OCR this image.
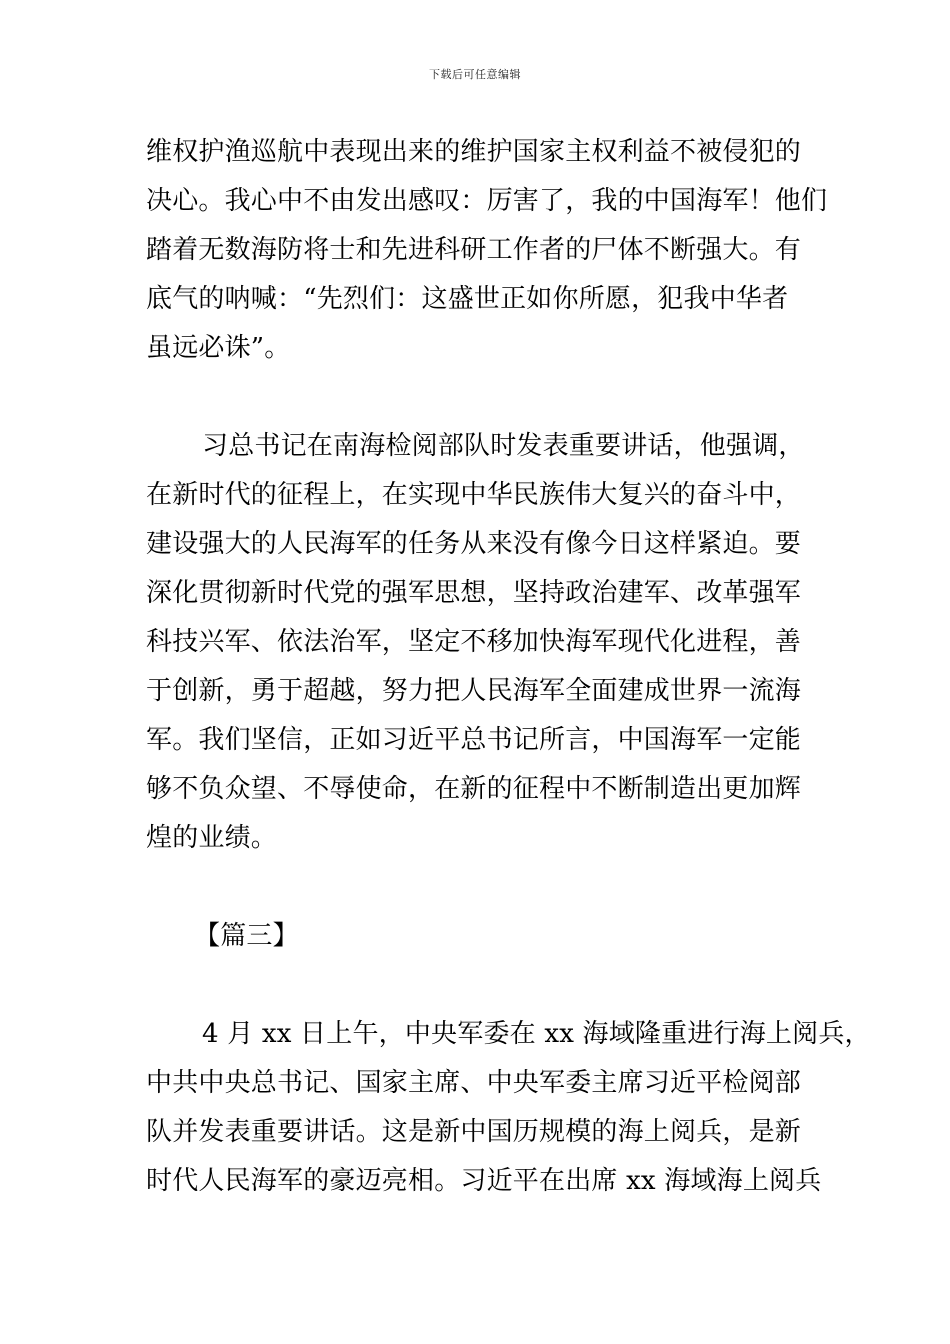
下载后可任意编辑
维权护渔巡航中表现出来的维护国家主权利益不被侵犯的
决心。我心中不由发出感叹：厉害了，我的中国海军！他们
踏着无数海防将士和先进科研工作者的尸体不断强大。有
底气的呐喊：“先烈们：这盛世正如你所愿，犯我中华者
虽远必诛”。
习总书记在南海检阅部队时发表重要讲话，他强调，
在新时代的征程上，在实现中华民族伟大复兴的奋斗中，
建设强大的人民海军的任务从来没有像今日这样紧迫。要
深化贯彻新时代党的强军思想，坚持政治建军、改革强军
科技兴军、依法治军，坚定不移加快海军现代化进程，善
于创新，勇于超越，努力把人民海军全面建成世界一流海
军。我们坚信，正如习近平总书记所言，中国海军一定能
够不负众望、不辱使命，在新的征程中不断制造出更加辉
煌的业绩。
【篇三】
4 月 xx 日上午，中央军委在 xx 海域隆重进行海上阅兵，
中共中央总书记、国家主席、中央军委主席习近平检阅部
队并发表重要讲话。这是新中国历规模的海上阅兵，是新
时代人民海军的豪迈亮相。习近平在出席 xx 海域海上阅兵
